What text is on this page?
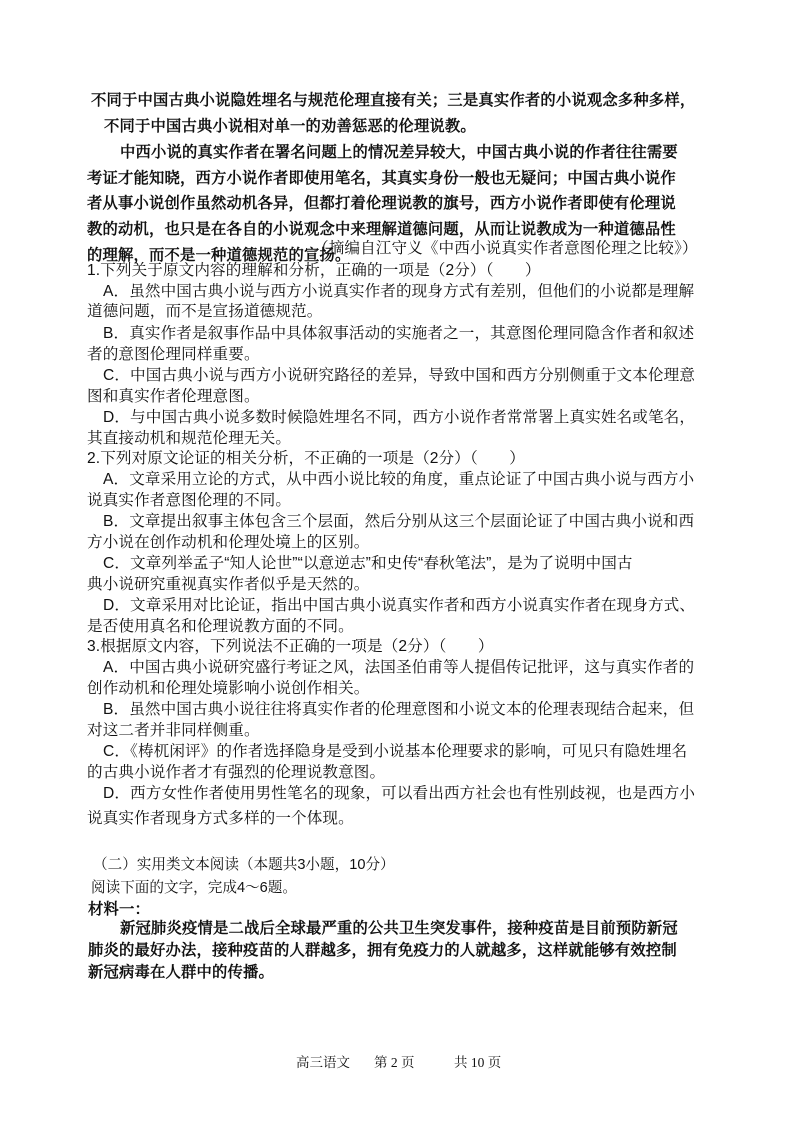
不同于中国古典小说隐姓埋名与规范伦理直接有关；三是真实作者的小说观念多种多样，

不同于中国古典小说相对单一的劝善惩恶的伦理说教。

中西小说的真实作者在署名问题上的情况差异较大，中国古典小说的作者往往需要

考证才能知晓，西方小说作者即使用笔名，其真实身份一般也无疑问；中国古典小说作

者从事小说创作虽然动机各异，但都打着伦理说教的旗号，西方小说作者即使有伦理说

教的动机，也只是在各自的小说观念中来理解道德问题，从而让说教成为一种道德品性

的理解，而不是一种道德规范的宣扬。

（摘编自江守义《中西小说真实作者意图伦理之比较》）

1.下列关于原文内容的理解和分析，正确的一项是（2分）（　　）

A．虽然中国古典小说与西方小说真实作者的现身方式有差别，但他们的小说都是理解

道德问题，而不是宣扬道德规范。

B．真实作者是叙事作品中具体叙事活动的实施者之一，其意图伦理同隐含作者和叙述

者的意图伦理同样重要。

C．中国古典小说与西方小说研究路径的差异，导致中国和西方分别侧重于文本伦理意

图和真实作者伦理意图。

D．与中国古典小说多数时候隐姓埋名不同，西方小说作者常常署上真实姓名或笔名，

其直接动机和规范伦理无关。

2.下列对原文论证的相关分析，不正确的一项是（2分）（　　）

A．文章采用立论的方式，从中西小说比较的角度，重点论证了中国古典小说与西方小

说真实作者意图伦理的不同。

B．文章提出叙事主体包含三个层面，然后分别从这三个层面论证了中国古典小说和西

方小说在创作动机和伦理处境上的区别。

C．文章列举孟子“知人论世”“以意逆志”和史传“春秋笔法”，是为了说明中国古

典小说研究重视真实作者似乎是天然的。

D．文章采用对比论证，指出中国古典小说真实作者和西方小说真实作者在现身方式、

是否使用真名和伦理说教方面的不同。

3.根据原文内容，下列说法不正确的一项是（2分）（　　）

A．中国古典小说研究盛行考证之风，法国圣伯甫等人提倡传记批评，这与真实作者的

创作动机和伦理处境影响小说创作相关。

B．虽然中国古典小说往往将真实作者的伦理意图和小说文本的伦理表现结合起来，但

对这二者并非同样侧重。

C．《梼杌闲评》的作者选择隐身是受到小说基本伦理要求的影响，可见只有隐姓埋名

的古典小说作者才有强烈的伦理说教意图。

D．西方女性作者使用男性笔名的现象，可以看出西方社会也有性别歧视，也是西方小

说真实作者现身方式多样的一个体现。

（二）实用类文本阅读（本题共3小题，10分）

阅读下面的文字，完成4～6题。

材料一：

新冠肺炎疫情是二战后全球最严重的公共卫生突发事件，接种疫苗是目前预防新冠

肺炎的最好办法，接种疫苗的人群越多，拥有免疫力的人就越多，这样就能够有效控制

新冠病毒在人群中的传播。

高三语文 第 2 页	共 10 页
